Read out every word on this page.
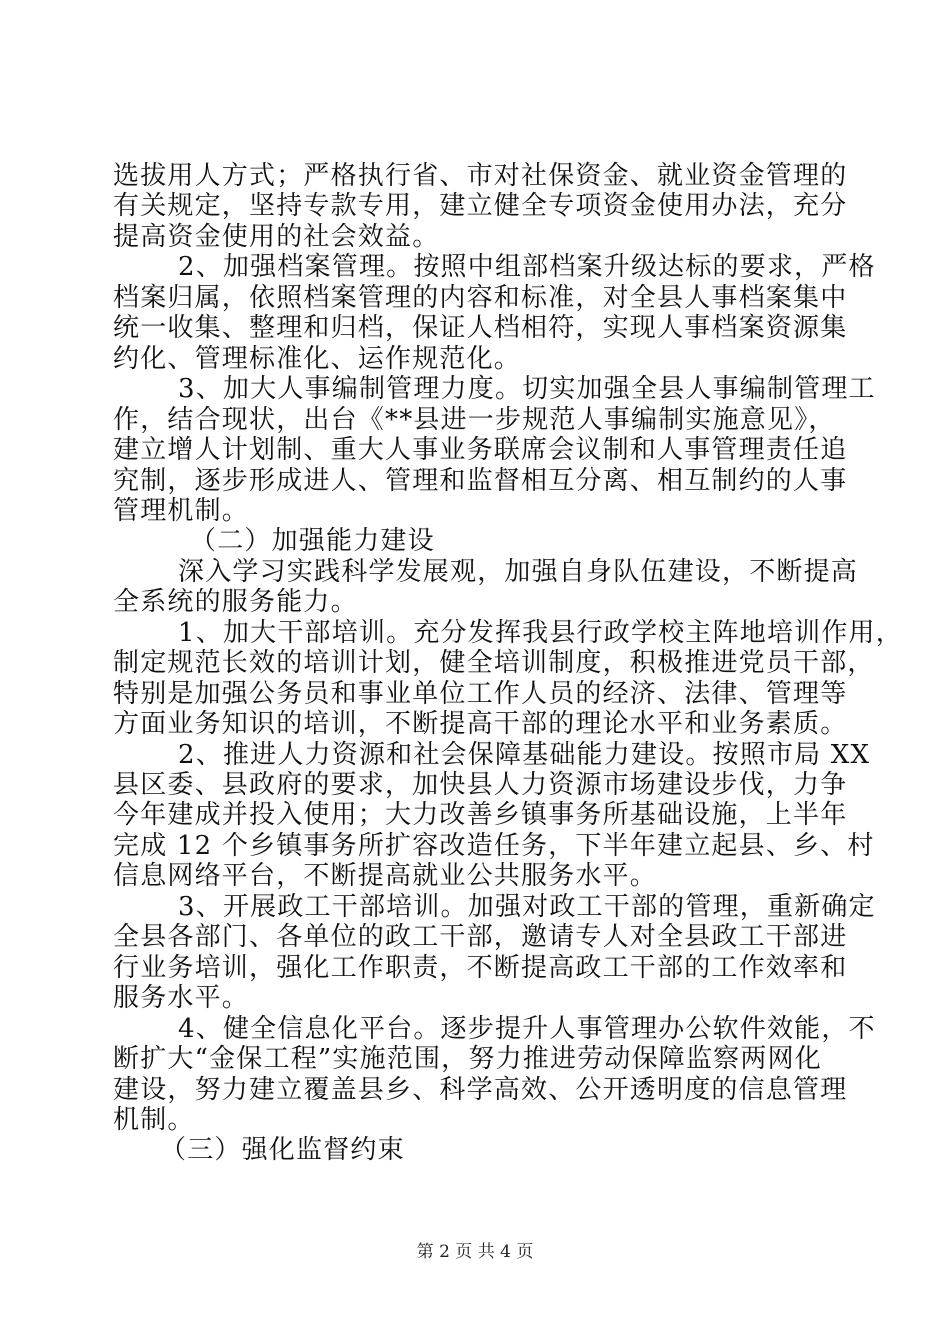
选拔用人方式；严格执行省、市对社保资金、就业资金管理的
有关规定，坚持专款专用，建立健全专项资金使用办法，充分
提高资金使用的社会效益。
2、加强档案管理。按照中组部档案升级达标的要求，严格
档案归属，依照档案管理的内容和标准，对全县人事档案集中
统一收集、整理和归档，保证人档相符，实现人事档案资源集
约化、管理标准化、运作规范化。
3、加大人事编制管理力度。切实加强全县人事编制管理工
作，结合现状，出台《**县进一步规范人事编制实施意见》，
建立增人计划制、重大人事业务联席会议制和人事管理责任追
究制，逐步形成进人、管理和监督相互分离、相互制约的人事
管理机制。
（二）加强能力建设
深入学习实践科学发展观，加强自身队伍建设，不断提高
全系统的服务能力。
1、加大干部培训。充分发挥我县行政学校主阵地培训作用，
制定规范长效的培训计划，健全培训制度，积极推进党员干部，
特别是加强公务员和事业单位工作人员的经济、法律、管理等
方面业务知识的培训，不断提高干部的理论水平和业务素质。
2、推进人力资源和社会保障基础能力建设。按照市局 XX
县区委、县政府的要求，加快县人力资源市场建设步伐，力争
今年建成并投入使用；大力改善乡镇事务所基础设施，上半年
完成 12 个乡镇事务所扩容改造任务，下半年建立起县、乡、村
信息网络平台，不断提高就业公共服务水平。
3、开展政工干部培训。加强对政工干部的管理，重新确定
全县各部门、各单位的政工干部，邀请专人对全县政工干部进
行业务培训，强化工作职责，不断提高政工干部的工作效率和
服务水平。
4、健全信息化平台。逐步提升人事管理办公软件效能，不
断扩大“金保工程”实施范围，努力推进劳动保障监察两网化
建设，努力建立覆盖县乡、科学高效、公开透明度的信息管理
机制。
（三）强化监督约束
第 2 页 共 4 页
